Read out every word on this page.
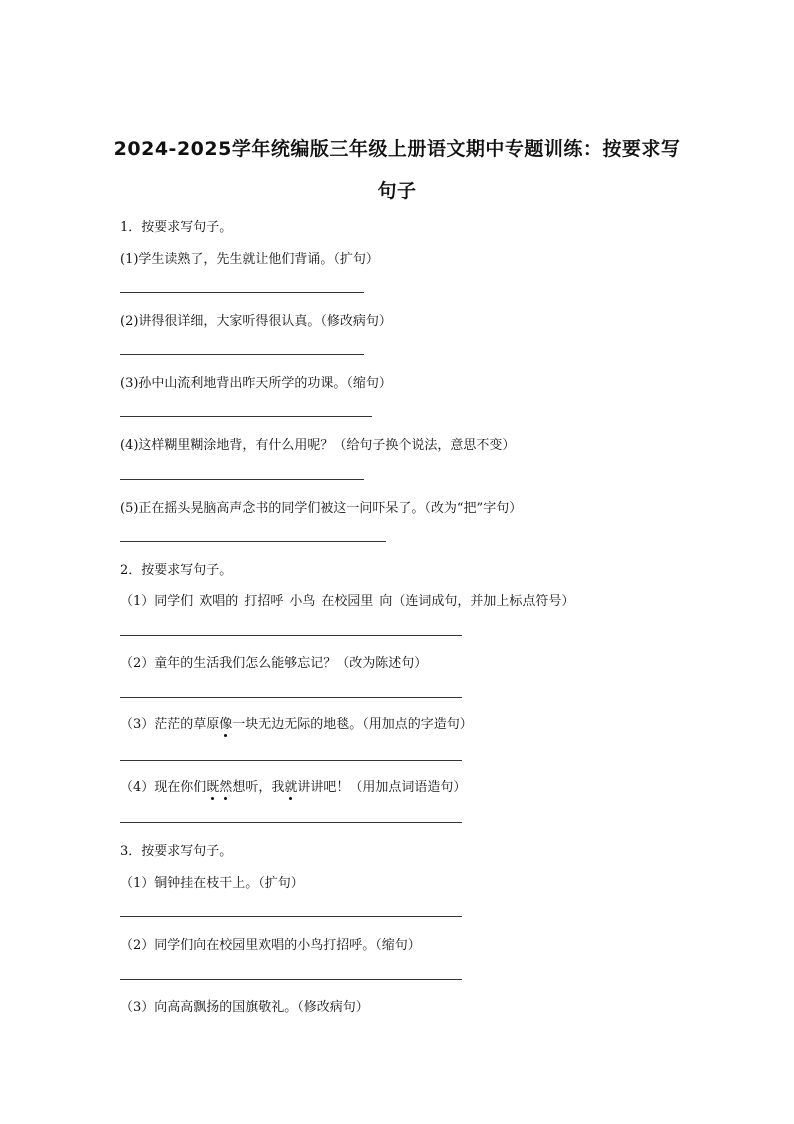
2024-2025学年统编版三年级上册语文期中专题训练：按要求写
句子
1．按要求写句子。
(1)学生读熟了，先生就让他们背诵。（扩句）
(2)讲得很详细，大家听得很认真。（修改病句）
(3)孙中山流利地背出昨天所学的功课。（缩句）
(4)这样糊里糊涂地背，有什么用呢？（给句子换个说法，意思不变）
(5)正在摇头晃脑高声念书的同学们被这一问吓呆了。（改为“把”字句）
2．按要求写句子。
（1）同学们 欢唱的 打招呼 小鸟 在校园里 向（连词成句，并加上标点符号）
（2）童年的生活我们怎么能够忘记？（改为陈述句）
（3）茫茫的草原像一块无边无际的地毯。（用加点的字造句）
（4）现在你们既然想听，我就讲讲吧！（用加点词语造句）
3．按要求写句子。
（1）铜钟挂在枝干上。（扩句）
（2）同学们向在校园里欢唱的小鸟打招呼。（缩句）
（3）向高高飘扬的国旗敬礼。（修改病句）
